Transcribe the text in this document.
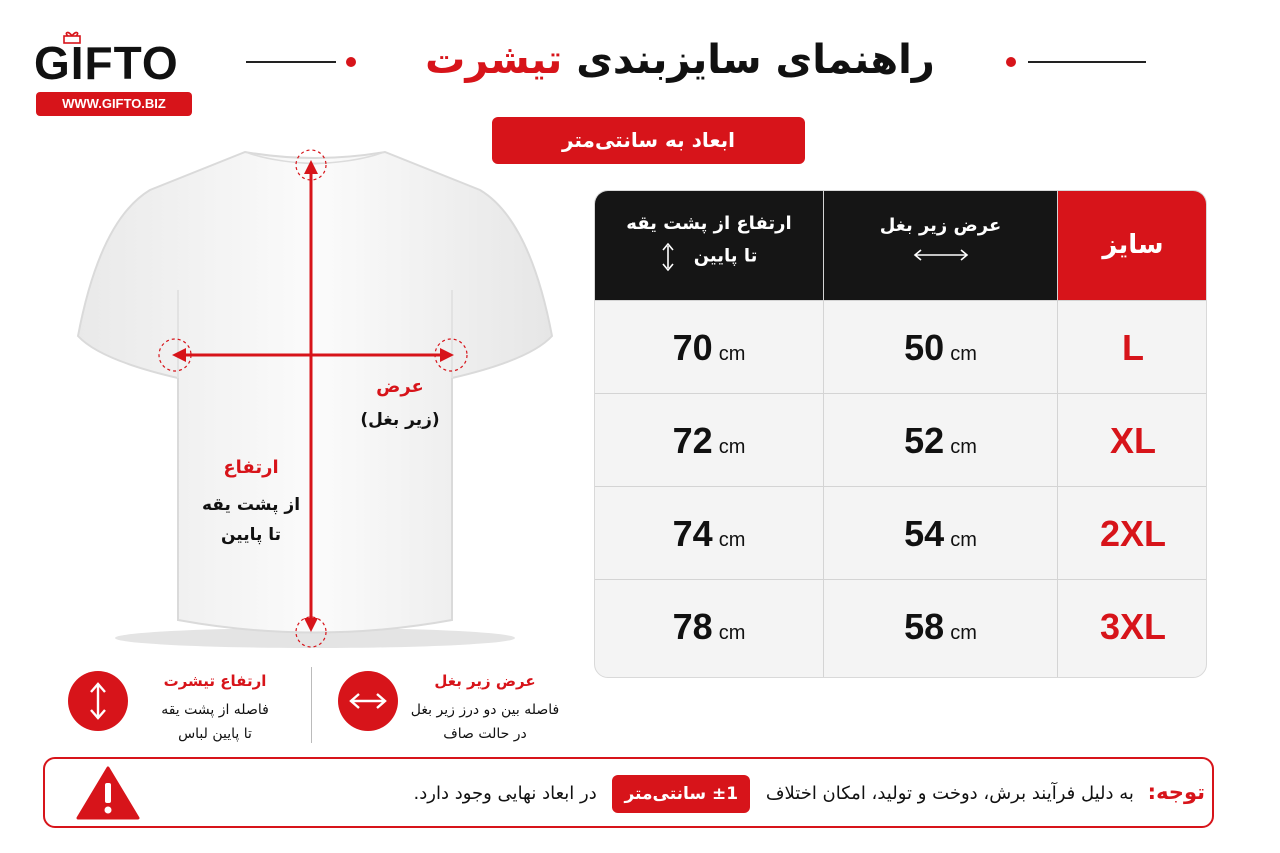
GIFTO
WWW.GIFTO.BIZ
راهنمای سایزبندی تیشرت
ابعاد به سانتی‌متر
عرض
(زیر بغل)
ارتفاع
از پشت یقه
تا پایین
ارتفاع از پشت یقه
تا پایین
عرض زیر بغل
سایز
70 cm	50 cm	L
72 cm	52 cm	XL
74 cm	54 cm	2XL
78 cm	58 cm	3XL
ارتفاع تیشرت
فاصله از پشت یقه
تا پایین لباس
عرض زیر بغل
فاصله بین دو درز زیر بغل
در حالت صاف
توجه: به دلیل فرآیند برش، دوخت و تولید، امکان اختلاف ±1 سانتی‌متر در ابعاد نهایی وجود دارد.
